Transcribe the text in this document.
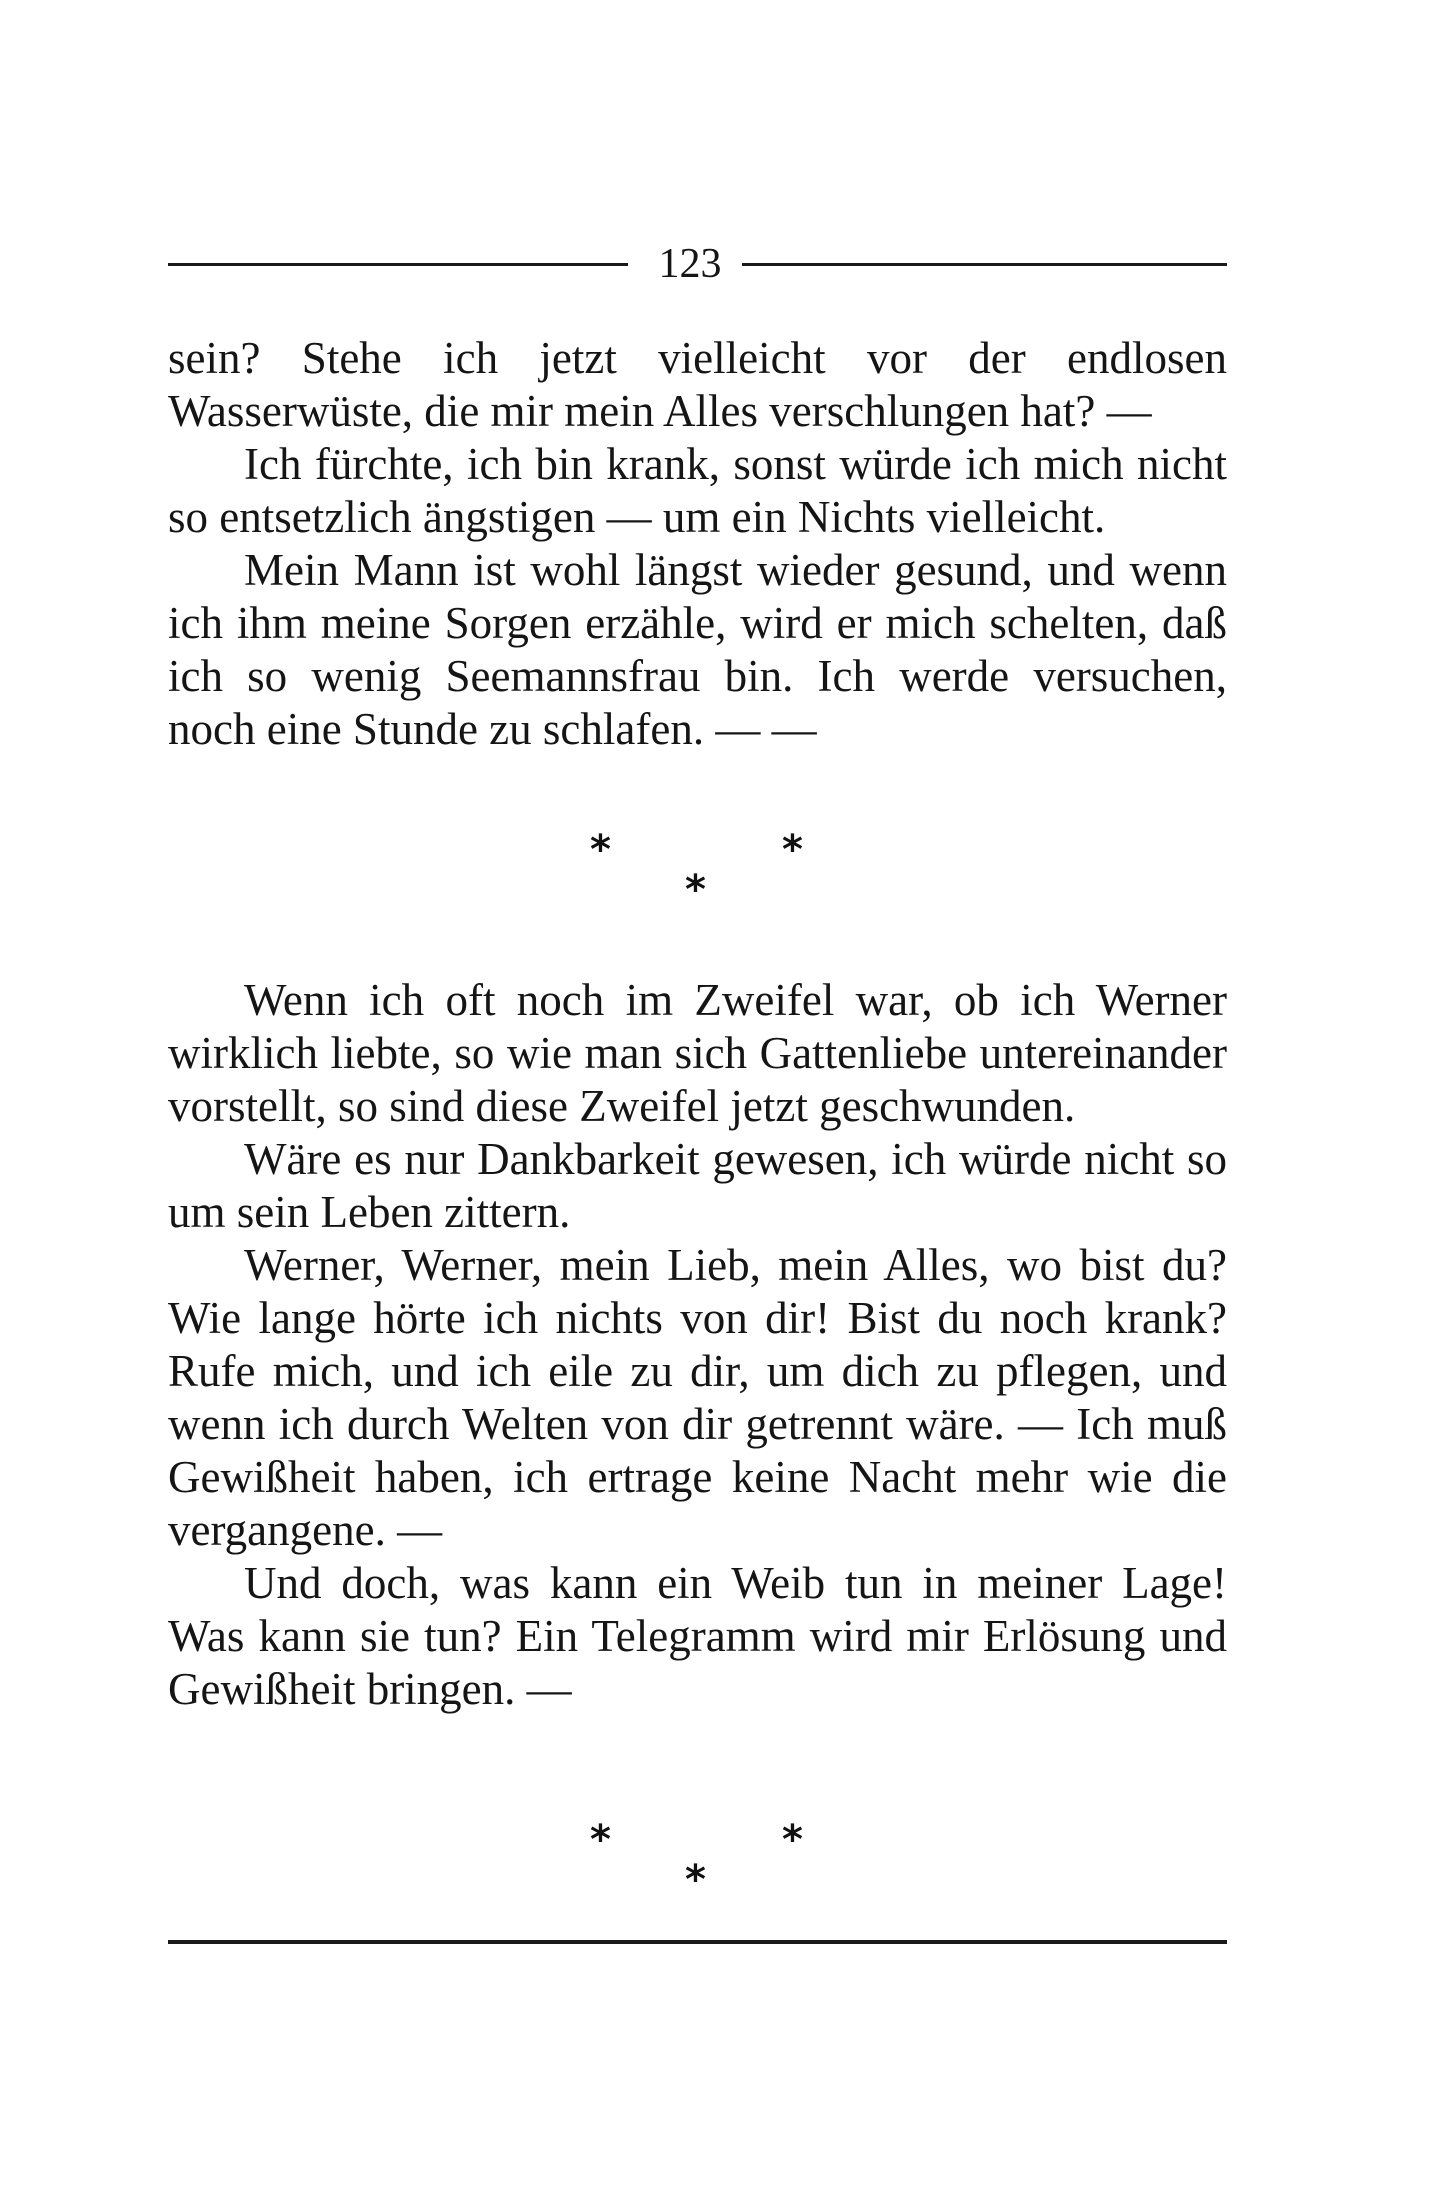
123

sein? Stehe ich jetzt vielleicht vor der endlosen Wasserwüste, die mir mein Alles verschlungen hat? —

Ich fürchte, ich bin krank, sonst würde ich mich nicht so entsetzlich ängstigen — um ein Nichts vielleicht.

Mein Mann ist wohl längst wieder gesund, und wenn ich ihm meine Sorgen erzähle, wird er mich schelten, daß ich so wenig Seemannsfrau bin. Ich werde versuchen, noch eine Stunde zu schlafen. — —

*
*
*

Wenn ich oft noch im Zweifel war, ob ich Werner wirklich liebte, so wie man sich Gattenliebe untereinander vorstellt, so sind diese Zweifel jetzt geschwunden.

Wäre es nur Dankbarkeit gewesen, ich würde nicht so um sein Leben zittern.

Werner, Werner, mein Lieb, mein Alles, wo bist du? Wie lange hörte ich nichts von dir! Bist du noch krank? Rufe mich, und ich eile zu dir, um dich zu pflegen, und wenn ich durch Welten von dir getrennt wäre. — Ich muß Gewißheit haben, ich ertrage keine Nacht mehr wie die vergangene. —

Und doch, was kann ein Weib tun in meiner Lage! Was kann sie tun? Ein Telegramm wird mir Erlösung und Gewißheit bringen. —

*
*
*
